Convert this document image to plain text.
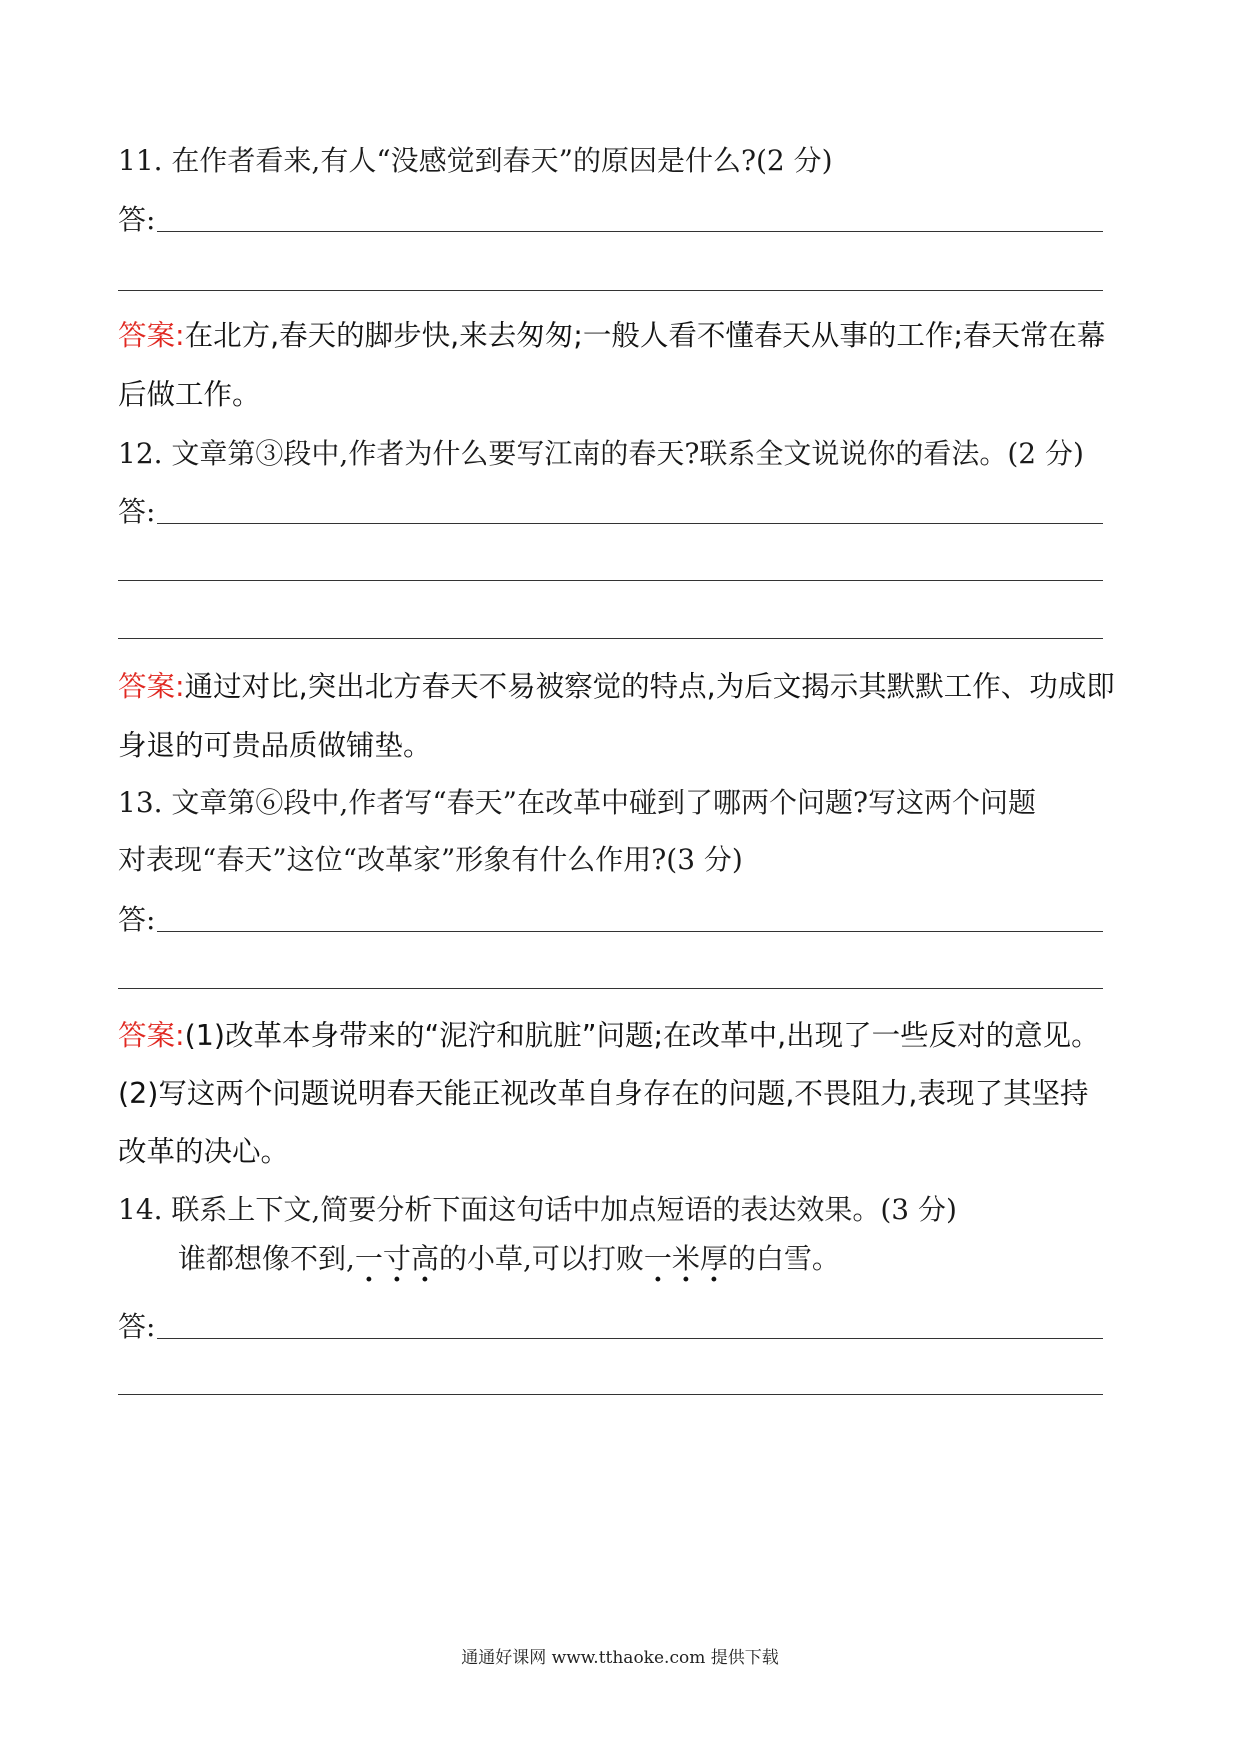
11. 在作者看来,有人“没感觉到春天”的原因是什么?(2 分)
答:
答案:在北方,春天的脚步快,来去匆匆;一般人看不懂春天从事的工作;春天常在幕
后做工作。
12. 文章第③段中,作者为什么要写江南的春天?联系全文说说你的看法。(2 分)
答:
答案:通过对比,突出北方春天不易被察觉的特点,为后文揭示其默默工作、功成即
身退的可贵品质做铺垫。
13. 文章第⑥段中,作者写“春天”在改革中碰到了哪两个问题?写这两个问题
对表现“春天”这位“改革家”形象有什么作用?(3 分)
答:
答案:(1)改革本身带来的“泥泞和肮脏”问题;在改革中,出现了一些反对的意见。
(2)写这两个问题说明春天能正视改革自身存在的问题,不畏阻力,表现了其坚持
改革的决心。
14. 联系上下文,简要分析下面这句话中加点短语的表达效果。(3 分)
谁都想像不到,一寸高的小草,可以打败一米厚的白雪。
答:
通通好课网 www.tthaoke.com 提供下载
